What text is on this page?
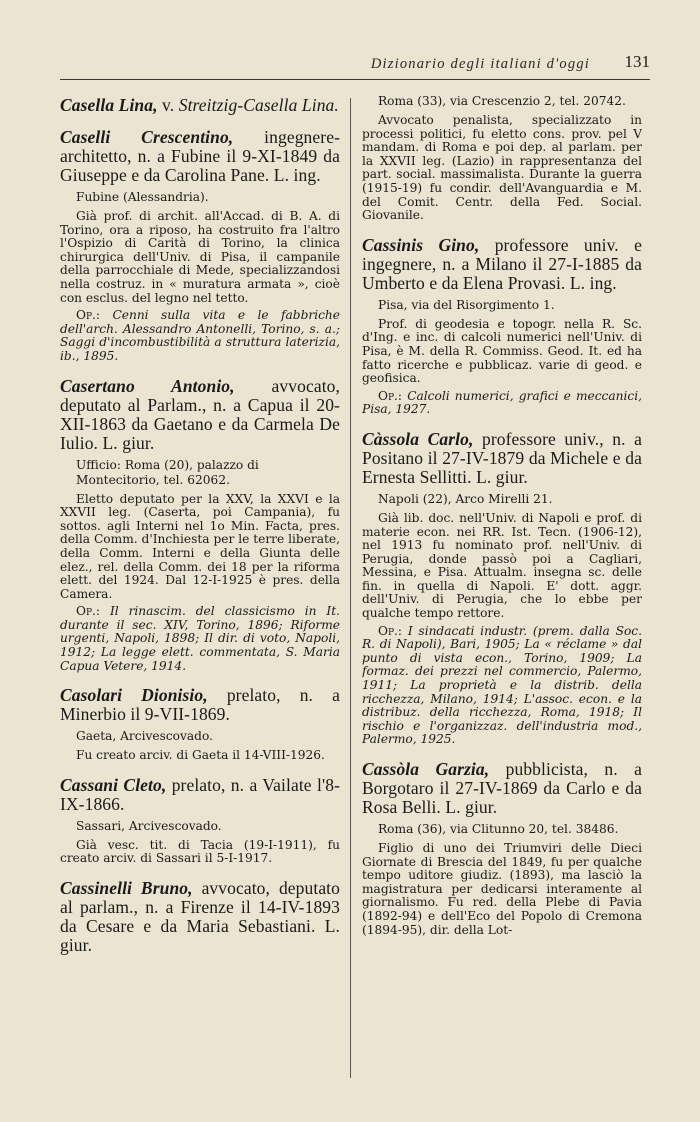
Dizionario degli italiani d'oggi 131

Casella Lina, v. Streitzig-Casella Lina.

Caselli Crescentino, ingegnere-architetto, n. a Fubine il 9-XI-1849 da Giuseppe e da Carolina Pane. L. ing.

Fubine (Alessandria).

Già prof. di archit. all'Accad. di B. A. di Torino, ora a riposo, ha costruito fra l'altro l'Ospizio di Carità di Torino, la clinica chirurgica dell'Univ. di Pisa, il campanile della parrocchiale di Mede, specializzandosi nella costruz. in « muratura armata », cioè con esclus. del legno nel tetto.

Op.: Cenni sulla vita e le fabbriche dell'arch. Alessandro Antonelli, Torino, s. a.; Saggi d'incombustibilità a struttura laterizia, ib., 1895.

Casertano Antonio, avvocato, deputato al Parlam., n. a Capua il 20-XII-1863 da Gaetano e da Carmela De Iulio. L. giur.

Ufficio: Roma (20), palazzo di Montecitorio, tel. 62062.

Eletto deputato per la XXV, la XXVI e la XXVII leg. (Caserta, poi Campania), fu sottos. agli Interni nel 1o Min. Facta, pres. della Comm. d'Inchiesta per le terre liberate, della Comm. Interni e della Giunta delle elez., rel. della Comm. dei 18 per la riforma elett. del 1924. Dal 12-I-1925 è pres. della Camera.

Op.: Il rinascim. del classicismo in It. durante il sec. XIV, Torino, 1896; Riforme urgenti, Napoli, 1898; Il dir. di voto, Napoli, 1912; La legge elett. commentata, S. Maria Capua Vetere, 1914.

Casolari Dionisio, prelato, n. a Minerbio il 9-VII-1869.

Gaeta, Arcivescovado.

Fu creato arciv. di Gaeta il 14-VIII-1926.

Cassani Cleto, prelato, n. a Vailate l'8-IX-1866.

Sassari, Arcivescovado.

Già vesc. tit. di Tacia (19-I-1911), fu creato arciv. di Sassari il 5-I-1917.

Cassinelli Bruno, avvocato, deputato al parlam., n. a Firenze il 14-IV-1893 da Cesare e da Maria Sebastiani. L. giur.

Roma (33), via Crescenzio 2, tel. 20742.

Avvocato penalista, specializzato in processi politici, fu eletto cons. prov. pel V mandam. di Roma e poi dep. al parlam. per la XXVII leg. (Lazio) in rappresentanza del part. social. massimalista. Durante la guerra (1915-19) fu condir. dell'Avanguardia e M. del Comit. Centr. della Fed. Social. Giovanile.

Cassinis Gino, professore univ. e ingegnere, n. a Milano il 27-I-1885 da Umberto e da Elena Provasi. L. ing.

Pisa, via del Risorgimento 1.

Prof. di geodesia e topogr. nella R. Sc. d'Ing. e inc. di calcoli numerici nell'Univ. di Pisa, è M. della R. Commiss. Geod. It. ed ha fatto ricerche e pubblicaz. varie di geod. e geofisica.

Op.: Calcoli numerici, grafici e meccanici, Pisa, 1927.

Càssola Carlo, professore univ., n. a Positano il 27-IV-1879 da Michele e da Ernesta Sellitti. L. giur.

Napoli (22), Arco Mirelli 21.

Già lib. doc. nell'Univ. di Napoli e prof. di materie econ. nei RR. Ist. Tecn. (1906-12), nel 1913 fu nominato prof. nell'Univ. di Perugia, donde passò poi a Cagliari, Messina, e Pisa. Attualm. insegna sc. delle fin. in quella di Napoli. E' dott. aggr. dell'Univ. di Perugia, che lo ebbe per qualche tempo rettore.

Op.: I sindacati industr. (prem. dalla Soc. R. di Napoli), Bari, 1905; La « réclame » dal punto di vista econ., Torino, 1909; La formaz. dei prezzi nel commercio, Palermo, 1911; La proprietà e la distrib. della ricchezza, Milano, 1914; L'assoc. econ. e la distribuz. della ricchezza, Roma, 1918; Il rischio e l'organizzaz. dell'industria mod., Palermo, 1925.

Cassòla Garzia, pubblicista, n. a Borgotaro il 27-IV-1869 da Carlo e da Rosa Belli. L. giur.

Roma (36), via Clitunno 20, tel. 38486.

Figlio di uno dei Triumviri delle Dieci Giornate di Brescia del 1849, fu per qualche tempo uditore giudiz. (1893), ma lasciò la magistratura per dedicarsi interamente al giornalismo. Fu red. della Plebe di Pavia (1892-94) e dell'Eco del Popolo di Cremona (1894-95), dir. della Lot-
